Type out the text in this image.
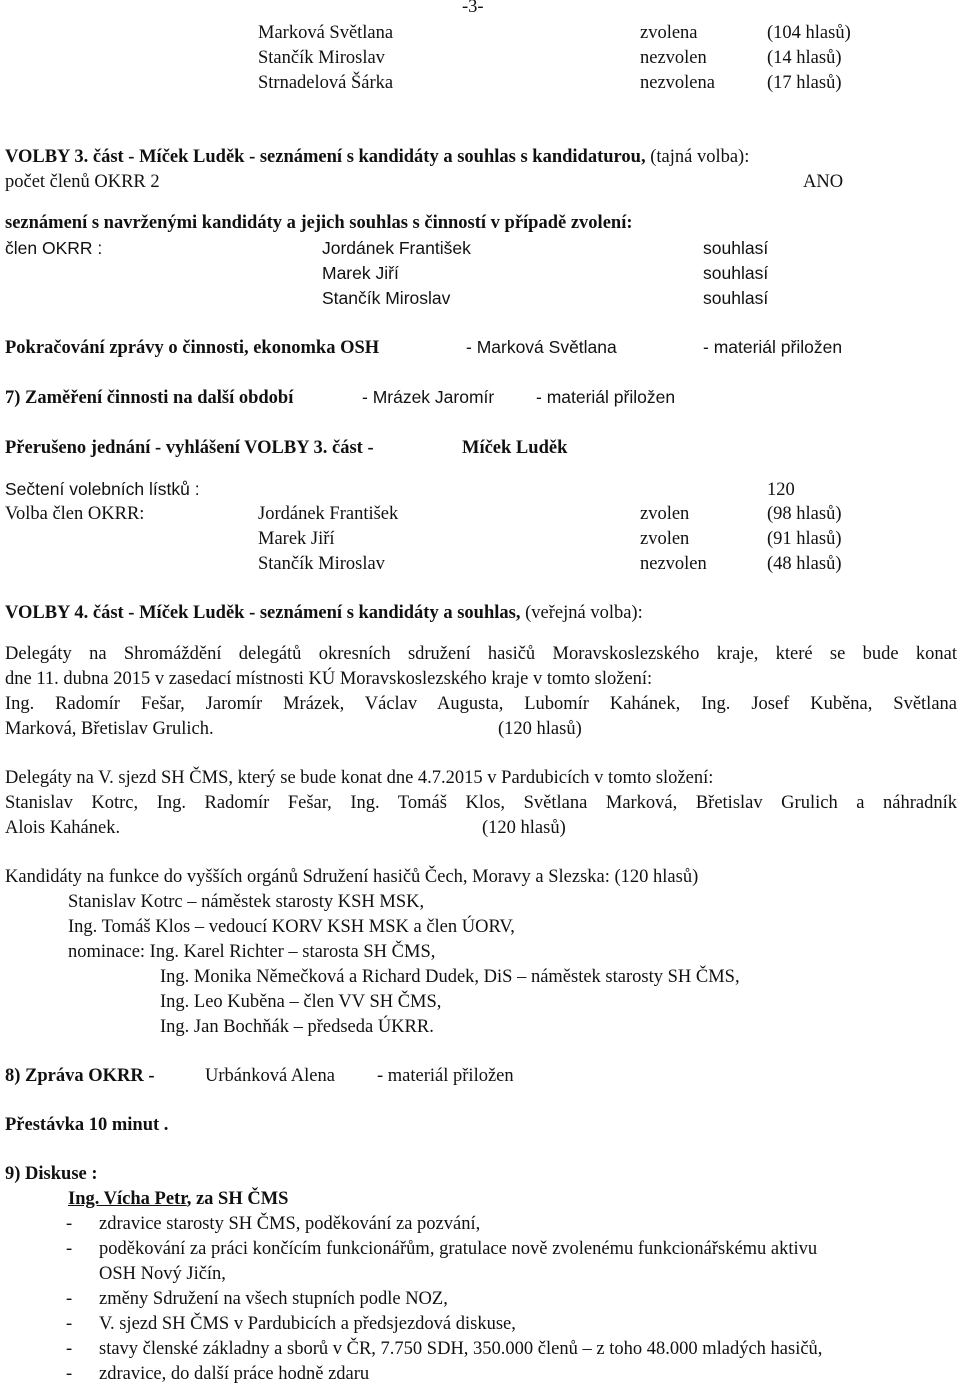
-3-
Marková Světlana	zvolena	(104 hlasů)
Stančík Miroslav	nezvolen	(14 hlasů)
Strnadelová Šárka	nezvolena	(17 hlasů)
VOLBY 3. část - Míček Luděk - seznámení s kandidáty a souhlas s kandidaturou, (tajná volba):
počet členů OKRR 2	ANO
seznámení s navrženými kandidáty a jejich souhlas s činností v případě zvolení:
člen OKRR :	Jordánek František	souhlasí
Marek Jiří	souhlasí
Stančík Miroslav	souhlasí
Pokračování zprávy o činnosti, ekonomka OSH	- Marková Světlana	- materiál přiložen
7) Zaměření činnosti na další období	- Mrázek Jaromír - materiál přiložen
Přerušeno jednání - vyhlášení VOLBY 3. část -	Míček Luděk
Sečtení volebních lístků :	120
Volba člen OKRR:	Jordánek František	zvolen	(98 hlasů)
Marek Jiří	zvolen	(91 hlasů)
Stančík Miroslav	nezvolen	(48 hlasů)
VOLBY 4. část - Míček Luděk - seznámení s kandidáty a souhlas, (veřejná volba):
Delegáty na Shromáždění delegátů okresních sdružení hasičů Moravskoslezského kraje, které se bude konat
dne 11. dubna 2015 v zasedací místnosti KÚ Moravskoslezského kraje v tomto složení:
Ing. Radomír Fešar, Jaromír Mrázek, Václav Augusta, Lubomír Kahánek, Ing. Josef Kuběna, Světlana
Marková, Břetislav Grulich.	(120 hlasů)
Delegáty na V. sjezd SH ČMS, který se bude konat dne 4.7.2015 v Pardubicích v tomto složení:
Stanislav Kotrc, Ing. Radomír Fešar, Ing. Tomáš Klos, Světlana Marková, Břetislav Grulich a náhradník
Alois Kahánek.	(120 hlasů)
Kandidáty na funkce do vyšších orgánů Sdružení hasičů Čech, Moravy a Slezska: (120 hlasů)
Stanislav Kotrc – náměstek starosty KSH MSK,
Ing. Tomáš Klos – vedoucí KORV KSH MSK a člen ÚORV,
nominace: Ing. Karel Richter – starosta SH ČMS,
Ing. Monika Němečková a Richard Dudek, DiS – náměstek starosty SH ČMS,
Ing. Leo Kuběna – člen VV SH ČMS,
Ing. Jan Bochňák – předseda ÚKRR.
8) Zpráva OKRR -	Urbánková Alena - materiál přiložen
Přestávka 10 minut .
9) Diskuse :
Ing. Vícha Petr, za SH ČMS
- zdravice starosty SH ČMS, poděkování za pozvání,
- poděkování za práci končícím funkcionářům, gratulace nově zvolenému funkcionářskému aktivu
OSH Nový Jičín,
- změny Sdružení na všech stupních podle NOZ,
- V. sjezd SH ČMS v Pardubicích a předsjezdová diskuse,
- stavy členské základny a sborů v ČR, 7.750 SDH, 350.000 členů – z toho 48.000 mladých hasičů,
- zdravice, do další práce hodně zdaru
